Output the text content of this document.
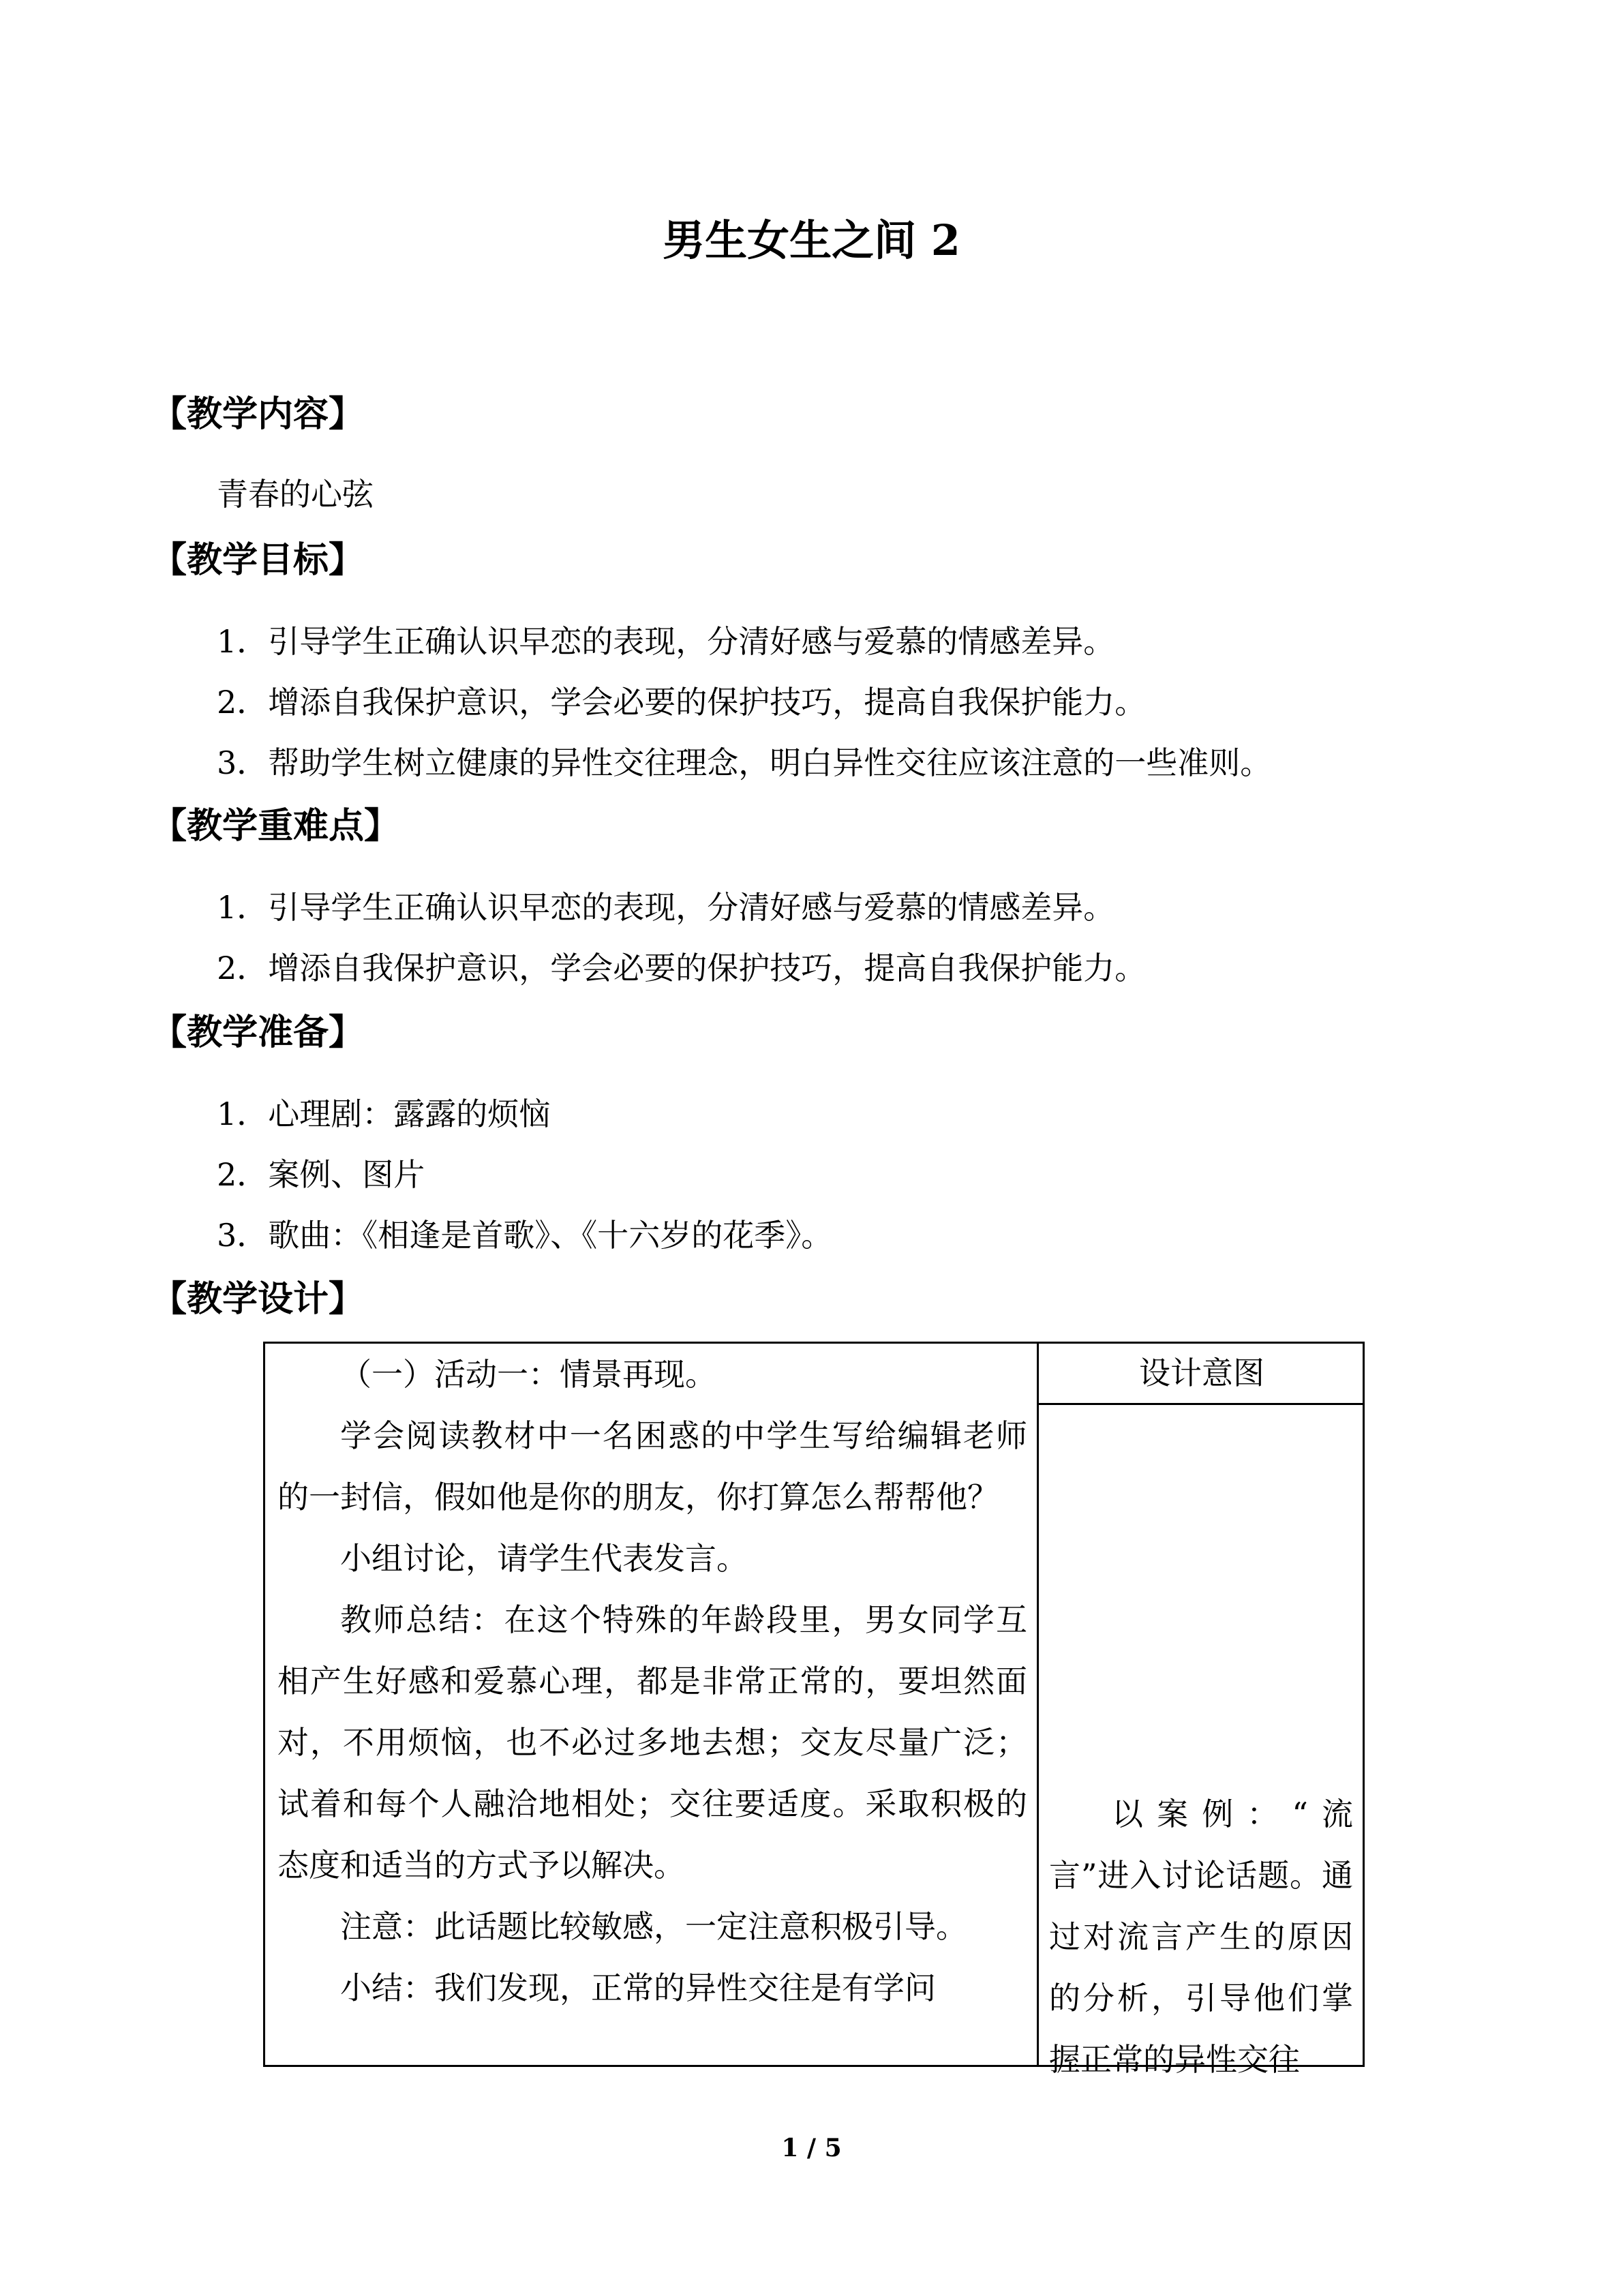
男生女生之间 2
【教学内容】
青春的心弦
【教学目标】
1．引导学生正确认识早恋的表现，分清好感与爱慕的情感差异。
2．增添自我保护意识，学会必要的保护技巧，提高自我保护能力。
3．帮助学生树立健康的异性交往理念，明白异性交往应该注意的一些准则。
【教学重难点】
1．引导学生正确认识早恋的表现，分清好感与爱慕的情感差异。
2．增添自我保护意识，学会必要的保护技巧，提高自我保护能力。
【教学准备】
1．心理剧：露露的烦恼
2．案例、图片
3．歌曲：《相逢是首歌》、《十六岁的花季》。
【教学设计】

（一）活动一：情景再现。

学会阅读教材中一名困惑的中学生写给编辑老师的一封信，假如他是你的朋友，你打算怎么帮帮他？

小组讨论，请学生代表发言。

教师总结：在这个特殊的年龄段里，男女同学互相产生好感和爱慕心理，都是非常正常的，要坦然面对，不用烦恼，也不必过多地去想；交友尽量广泛；试着和每个人融洽地相处；交往要适度。采取积极的态度和适当的方式予以解决。

注意：此话题比较敏感，一定注意积极引导。

小结：我们发现，正常的异性交往是有学问

设计意图

以案例：“流言”进入讨论话题。通过对流言产生的原因的分析，引导他们掌握正常的异性交往

1 / 5
